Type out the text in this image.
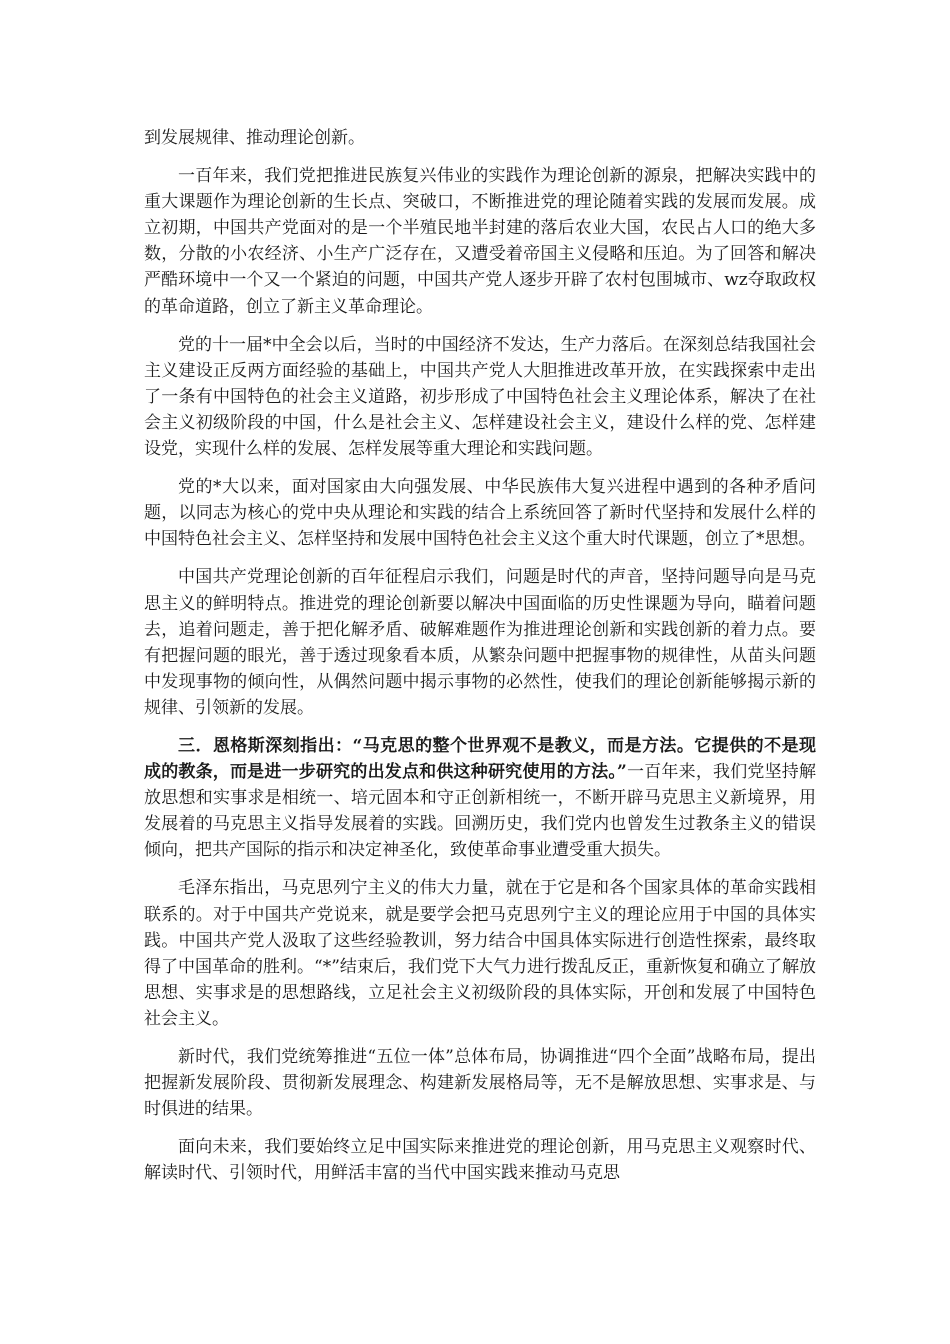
到发展规律、推动理论创新。

一百年来，我们党把推进民族复兴伟业的实践作为理论创新的源泉，把解决实践中的重大课题作为理论创新的生长点、突破口，不断推进党的理论随着实践的发展而发展。成立初期，中国共产党面对的是一个半殖民地半封建的落后农业大国，农民占人口的绝大多数，分散的小农经济、小生产广泛存在，又遭受着帝国主义侵略和压迫。为了回答和解决严酷环境中一个又一个紧迫的问题，中国共产党人逐步开辟了农村包围城市、wz夺取政权的革命道路，创立了新主义革命理论。

党的十一届*中全会以后，当时的中国经济不发达，生产力落后。在深刻总结我国社会主义建设正反两方面经验的基础上，中国共产党人大胆推进改革开放，在实践探索中走出了一条有中国特色的社会主义道路，初步形成了中国特色社会主义理论体系，解决了在社会主义初级阶段的中国，什么是社会主义、怎样建设社会主义，建设什么样的党、怎样建设党，实现什么样的发展、怎样发展等重大理论和实践问题。

党的*大以来，面对国家由大向强发展、中华民族伟大复兴进程中遇到的各种矛盾问题，以同志为核心的党中央从理论和实践的结合上系统回答了新时代坚持和发展什么样的中国特色社会主义、怎样坚持和发展中国特色社会主义这个重大时代课题，创立了*思想。

中国共产党理论创新的百年征程启示我们，问题是时代的声音，坚持问题导向是马克思主义的鲜明特点。推进党的理论创新要以解决中国面临的历史性课题为导向，瞄着问题去，追着问题走，善于把化解矛盾、破解难题作为推进理论创新和实践创新的着力点。要有把握问题的眼光，善于透过现象看本质，从繁杂问题中把握事物的规律性，从苗头问题中发现事物的倾向性，从偶然问题中揭示事物的必然性，使我们的理论创新能够揭示新的规律、引领新的发展。

三．恩格斯深刻指出：“马克思的整个世界观不是教义，而是方法。它提供的不是现成的教条，而是进一步研究的出发点和供这种研究使用的方法。”一百年来，我们党坚持解放思想和实事求是相统一、培元固本和守正创新相统一，不断开辟马克思主义新境界，用发展着的马克思主义指导发展着的实践。回溯历史，我们党内也曾发生过教条主义的错误倾向，把共产国际的指示和决定神圣化，致使革命事业遭受重大损失。

毛泽东指出，马克思列宁主义的伟大力量，就在于它是和各个国家具体的革命实践相联系的。对于中国共产党说来，就是要学会把马克思列宁主义的理论应用于中国的具体实践。中国共产党人汲取了这些经验教训，努力结合中国具体实际进行创造性探索，最终取得了中国革命的胜利。“*”结束后，我们党下大气力进行拨乱反正，重新恢复和确立了解放思想、实事求是的思想路线，立足社会主义初级阶段的具体实际，开创和发展了中国特色社会主义。

新时代，我们党统筹推进“五位一体”总体布局，协调推进“四个全面”战略布局，提出把握新发展阶段、贯彻新发展理念、构建新发展格局等，无不是解放思想、实事求是、与时俱进的结果。

面向未来，我们要始终立足中国实际来推进党的理论创新，用马克思主义观察时代、解读时代、引领时代，用鲜活丰富的当代中国实践来推动马克思
